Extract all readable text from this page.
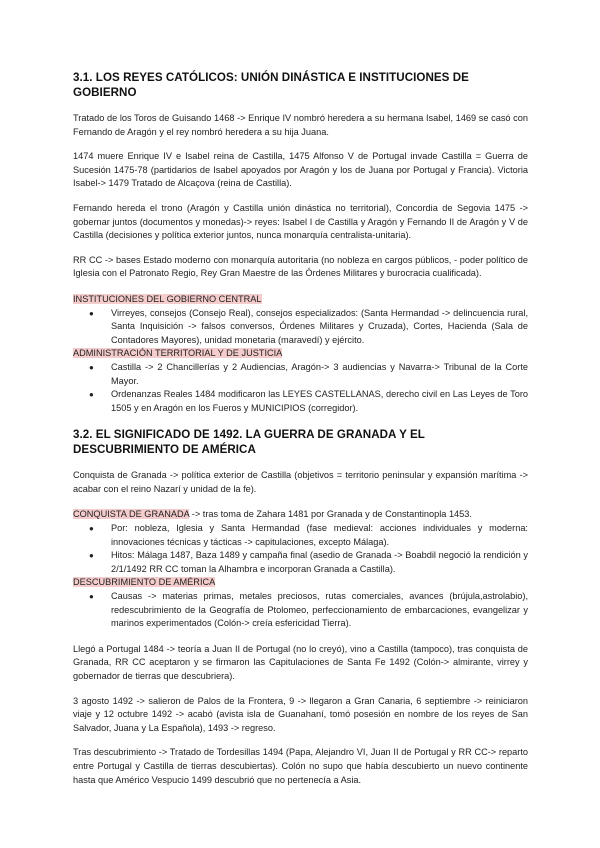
3.1. LOS REYES CATÓLICOS: UNIÓN DINÁSTICA E INSTITUCIONES DE GOBIERNO

Tratado de los Toros de Guisando 1468 -> Enrique IV nombró heredera a su hermana Isabel, 1469 se casó con Fernando de Aragón y el rey nombró heredera a su hija Juana.

1474 muere Enrique IV e Isabel reina de Castilla, 1475 Alfonso V de Portugal invade Castilla = Guerra de Sucesión 1475-78 (partidarios de Isabel apoyados por Aragón y los de Juana por Portugal y Francia). Victoria Isabel-> 1479 Tratado de Alcaçova (reina de Castilla).

Fernando hereda el trono (Aragón y Castilla unión dinástica no territorial), Concordia de Segovia 1475 -> gobernar juntos (documentos y monedas)-> reyes: Isabel I de Castilla y Aragón y Fernando II de Aragón y V de Castilla (decisiones y política exterior juntos, nunca monarquía centralista-unitaria).

RR CC -> bases Estado moderno con monarquía autoritaria (no nobleza en cargos públicos, - poder político de Iglesia con el Patronato Regio, Rey Gran Maestre de las Órdenes Militares y burocracia cualificada).

INSTITUCIONES DEL GOBIERNO CENTRAL
● Virreyes, consejos (Consejo Real), consejos especializados: (Santa Hermandad -> delincuencia rural, Santa Inquisición -> falsos conversos, Órdenes Militares y Cruzada), Cortes, Hacienda (Sala de Contadores Mayores), unidad monetaria (maravedí) y ejército.
ADMINISTRACIÓN TERRITORIAL Y DE JUSTICIA
● Castilla -> 2 Chancillerías y 2 Audiencias, Aragón-> 3 audiencias y Navarra-> Tribunal de la Corte Mayor.
● Ordenanzas Reales 1484 modificaron las LEYES CASTELLANAS, derecho civil en Las Leyes de Toro 1505 y en Aragón en los Fueros y MUNICIPIOS (corregidor).
3.2. EL SIGNIFICADO DE 1492. LA GUERRA DE GRANADA Y EL DESCUBRIMIENTO DE AMÉRICA

Conquista de Granada -> política exterior de Castilla (objetivos = territorio peninsular y expansión marítima -> acabar con el reino Nazarí y unidad de la fe).

CONQUISTA DE GRANADA -> tras toma de Zahara 1481 por Granada y de Constantinopla 1453.
● Por: nobleza, Iglesia y Santa Hermandad (fase medieval: acciones individuales y moderna: innovaciones técnicas y tácticas -> capitulaciones, excepto Málaga).
● Hitos: Málaga 1487, Baza 1489 y campaña final (asedio de Granada -> Boabdil negoció la rendición y 2/1/1492 RR CC toman la Alhambra e incorporan Granada a Castilla).
DESCUBRIMIENTO DE AMÉRICA
● Causas -> materias primas, metales preciosos, rutas comerciales, avances (brújula,astrolabio), redescubrimiento de la Geografía de Ptolomeo, perfeccionamiento de embarcaciones, evangelizar y marinos experimentados (Colón-> creía esfericidad Tierra).

Llegó a Portugal 1484 -> teoría a Juan II de Portugal (no lo creyó), vino a Castilla (tampoco), tras conquista de Granada, RR CC aceptaron y se firmaron las Capitulaciones de Santa Fe 1492 (Colón-> almirante, virrey y gobernador de tierras que descubriera).

3 agosto 1492 -> salieron de Palos de la Frontera, 9 -> llegaron a Gran Canaria, 6 septiembre -> reiniciaron viaje y 12 octubre 1492 -> acabó (avista isla de Guanahaní, tomó posesión en nombre de los reyes de San Salvador, Juana y La Española), 1493 -> regreso.

Tras descubrimiento -> Tratado de Tordesillas 1494 (Papa, Alejandro VI, Juan II de Portugal y RR CC-> reparto entre Portugal y Castilla de tierras descubiertas). Colón no supo que había descubierto un nuevo continente hasta que Américo Vespucio 1499 descubrió que no pertenecía a Asia.
